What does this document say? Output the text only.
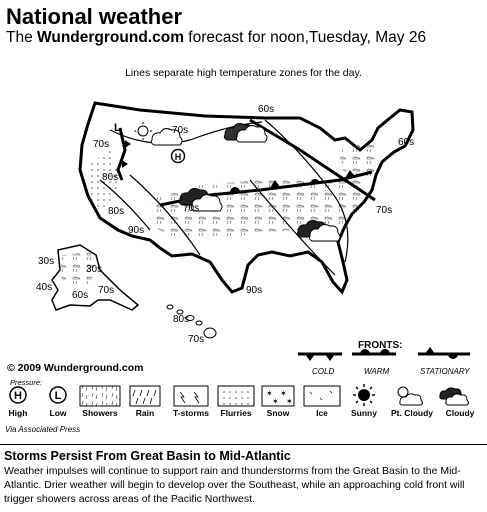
National weather
The Wunderground.com forecast for noon,Tuesday, May 26
Lines separate high temperature zones for the day.
H
L
60s
70s
60s
70s
80s
70s
90s
80s	70s
90s
30s
30s
40s
60s 70s
80s
70s
© 2009 Wunderground.com
FRONTS:
COLD	WARM	STATIONARY
Pressure:
H	L	✶ ✶
✶ ✶
High	Low	Showers	Rain	T-storms	Flurries	Snow	Ice	Sunny	Pt. Cloudy	Cloudy
Via Associated Press
Storms Persist From Great Basin to Mid-Atlantic
Weather impulses will continue to support rain and thunderstorms from the Great Basin to the Mid-Atlantic. Drier weather will begin to develop over the Southeast, while an approaching cold front will trigger showers across areas of the Pacific Northwest.
